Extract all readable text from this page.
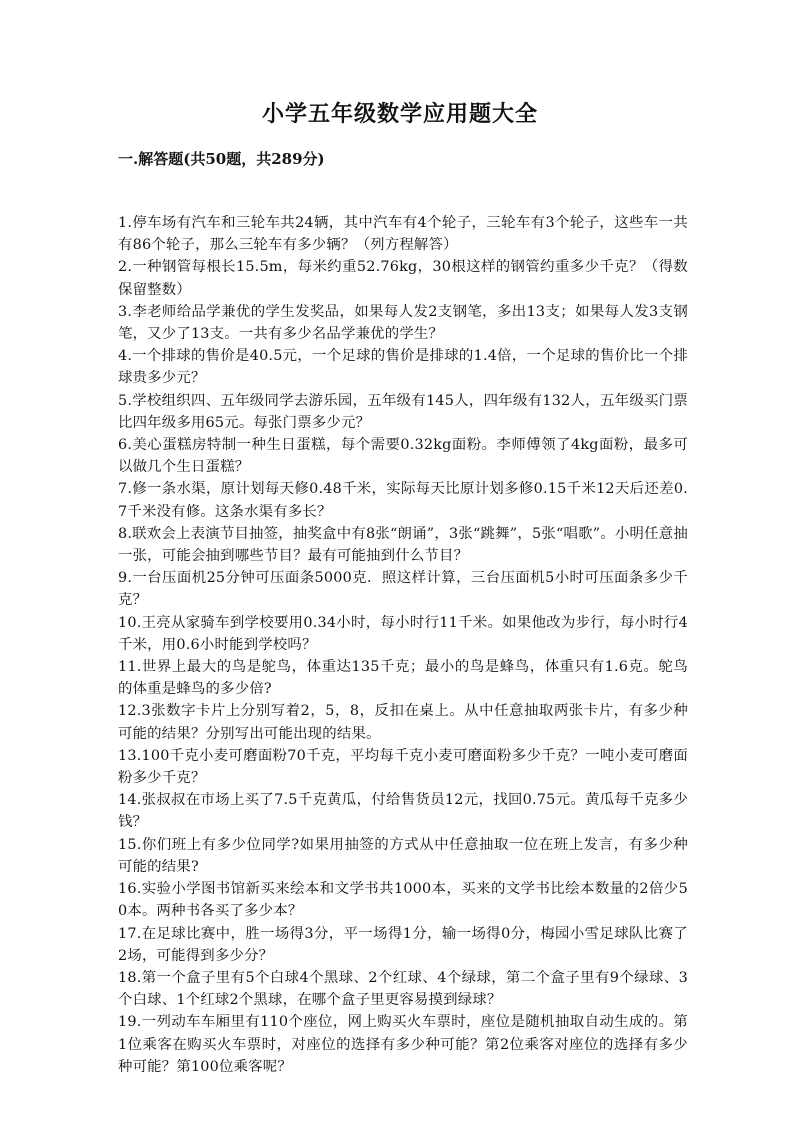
小学五年级数学应用题大全
一.解答题(共50题，共289分)
1.停车场有汽车和三轮车共24辆，其中汽车有4个轮子，三轮车有3个轮子，这些车一共有86个轮子，那么三轮车有多少辆？（列方程解答）
2.一种钢管每根长15.5m，每米约重52.76kg，30根这样的钢管约重多少千克？（得数保留整数）
3.李老师给品学兼优的学生发奖品，如果每人发2支钢笔，多出13支；如果每人发3支钢笔，又少了13支。一共有多少名品学兼优的学生？
4.一个排球的售价是40.5元，一个足球的售价是排球的1.4倍，一个足球的售价比一个排球贵多少元？
5.学校组织四、五年级同学去游乐园，五年级有145人，四年级有132人，五年级买门票比四年级多用65元。每张门票多少元？
6.美心蛋糕房特制一种生日蛋糕，每个需要0.32kg面粉。李师傅领了4kg面粉，最多可以做几个生日蛋糕？
7.修一条水渠，原计划每天修0.48千米，实际每天比原计划多修0.15千米12天后还差0.7千米没有修。这条水渠有多长？
8.联欢会上表演节目抽签，抽奖盒中有8张“朗诵”，3张“跳舞”，5张“唱歌”。小明任意抽一张，可能会抽到哪些节目？最有可能抽到什么节目？
9.一台压面机25分钟可压面条5000克．照这样计算，三台压面机5小时可压面条多少千克？
10.王亮从家骑车到学校要用0.34小时，每小时行11千米。如果他改为步行，每小时行4千米，用0.6小时能到学校吗？
11.世界上最大的鸟是鸵鸟，体重达135千克；最小的鸟是蜂鸟，体重只有1.6克。鸵鸟的体重是蜂鸟的多少倍?
12.3张数字卡片上分别写着2，5，8，反扣在桌上。从中任意抽取两张卡片，有多少种可能的结果？分别写出可能出现的结果。
13.100千克小麦可磨面粉70千克，平均每千克小麦可磨面粉多少千克？一吨小麦可磨面粉多少千克？
14.张叔叔在市场上买了7.5千克黄瓜，付给售货员12元，找回0.75元。黄瓜每千克多少钱？
15.你们班上有多少位同学?如果用抽签的方式从中任意抽取一位在班上发言，有多少种可能的结果?
16.实验小学图书馆新买来绘本和文学书共1000本，买来的文学书比绘本数量的2倍少50本。两种书各买了多少本？
17.在足球比赛中，胜一场得3分，平一场得1分，输一场得0分，梅园小雪足球队比赛了2场，可能得到多少分？
18.第一个盒子里有5个白球4个黑球、2个红球、4个绿球，第二个盒子里有9个绿球、3个白球、1个红球2个黑球，在哪个盒子里更容易摸到绿球？
19.一列动车车厢里有110个座位，网上购买火车票时，座位是随机抽取自动生成的。第1位乘客在购买火车票时，对座位的选择有多少种可能？第2位乘客对座位的选择有多少种可能？第100位乘客呢？
